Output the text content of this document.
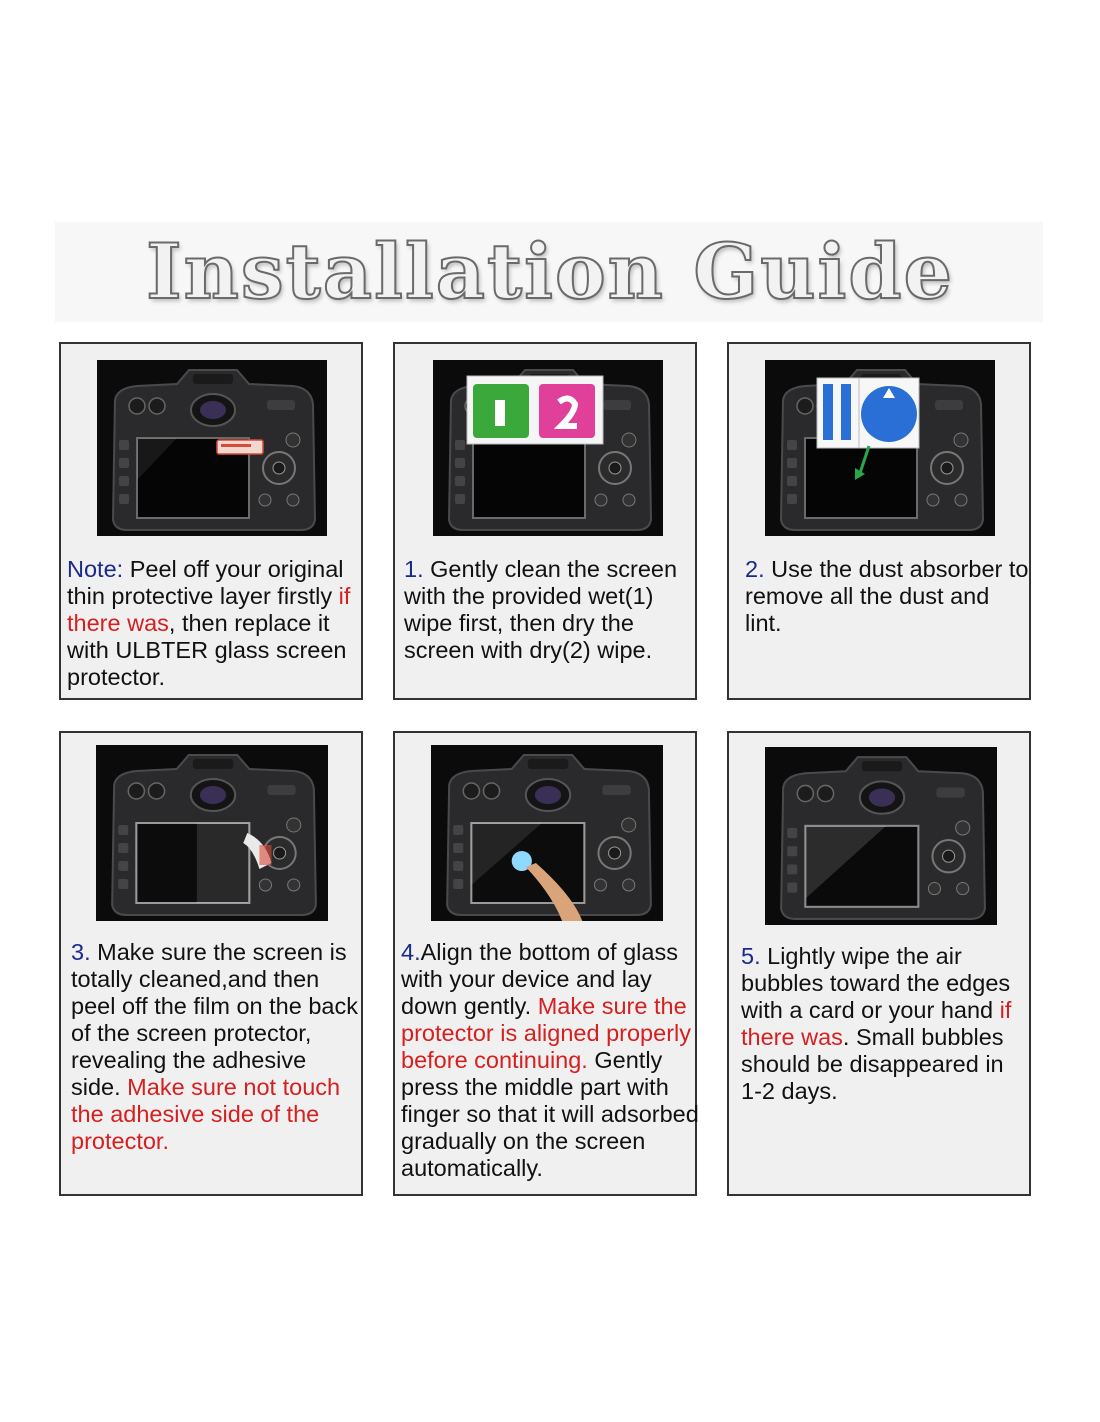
Installation Guide
Note: Peel off your original thin protective layer firstly if there was, then replace it with ULBTER glass screen protector.
1. Gently clean the screen with the provided wet(1) wipe first, then dry the screen with dry(2) wipe.
2. Use the dust absorber to remove all the dust and lint.
3. Make sure the screen is totally cleaned,and then peel off the film on the back of the screen protector, revealing the adhesive side. Make sure not touch the adhesive side of the protector.
4.Align the bottom of glass with your device and lay down gently. Make sure the protector is aligned properly before continuing. Gently press the middle part with finger so that it will adsorbed gradually on the screen automatically.
5. Lightly wipe the air bubbles toward the edges with a card or your hand if there was. Small bubbles should be disappeared in 1-2 days.
